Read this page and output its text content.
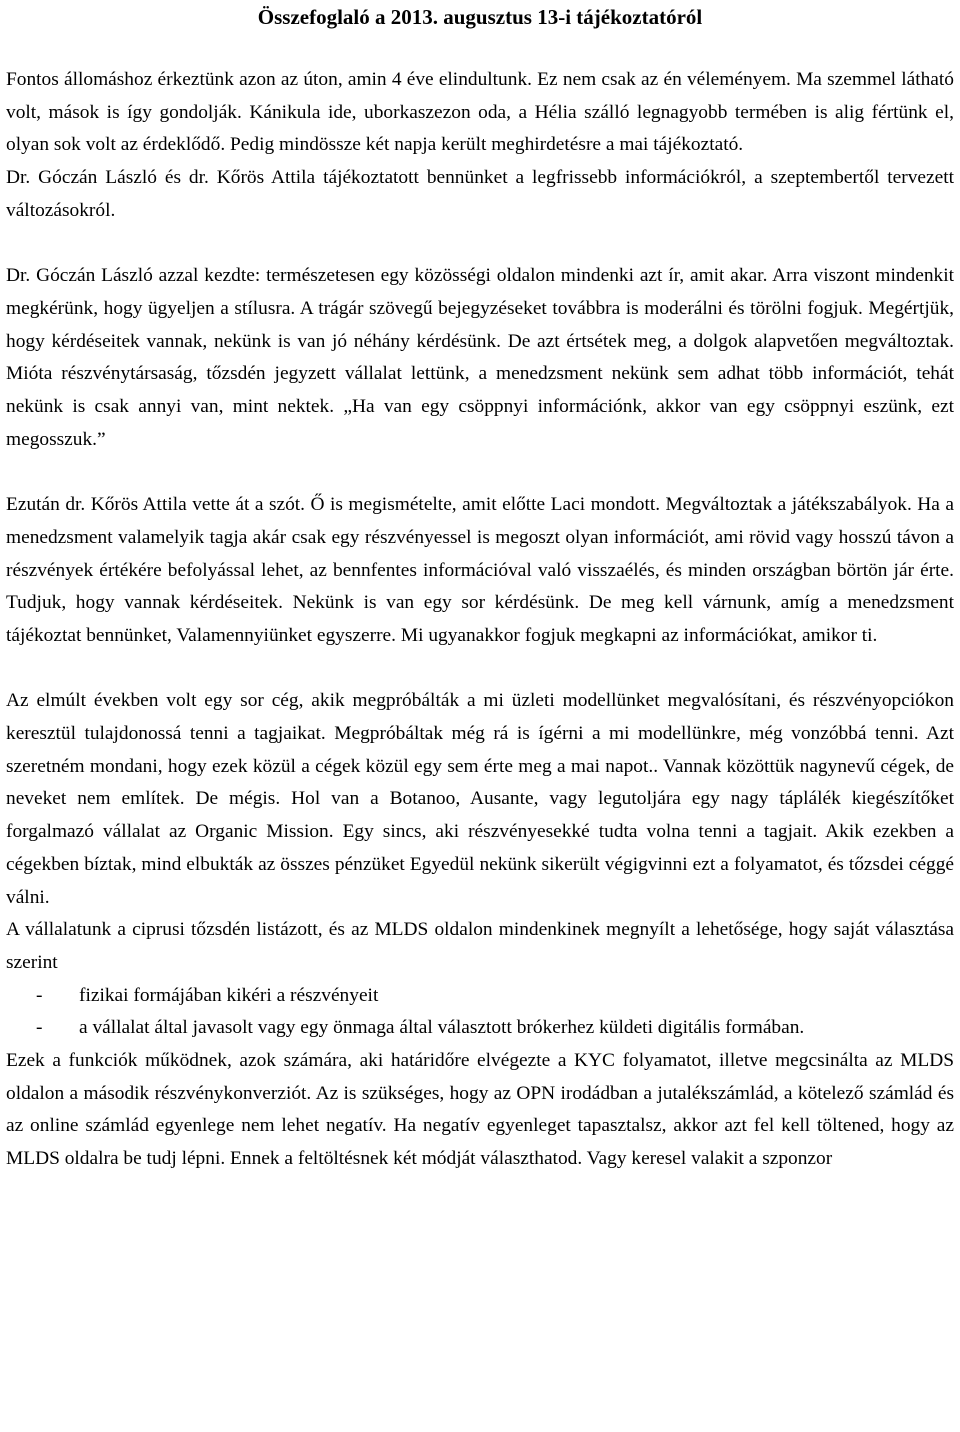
Összefoglaló a 2013. augusztus 13-i tájékoztatóról

Fontos állomáshoz érkeztünk azon az úton, amin 4 éve elindultunk. Ez nem csak az én véleményem. Ma szemmel látható volt, mások is így gondolják. Kánikula ide, uborkaszezon oda, a Hélia szálló legnagyobb termében is alig fértünk el, olyan sok volt az érdeklődő. Pedig mindössze két napja került meghirdetésre a mai tájékoztató.

Dr. Góczán László és dr. Kőrös Attila tájékoztatott bennünket a legfrissebb információkról, a szeptembertől tervezett változásokról.

Dr. Góczán László azzal kezdte: természetesen egy közösségi oldalon mindenki azt ír, amit akar. Arra viszont mindenkit megkérünk, hogy ügyeljen a stílusra. A trágár szövegű bejegyzéseket továbbra is moderálni és törölni fogjuk. Megértjük, hogy kérdéseitek vannak, nekünk is van jó néhány kérdésünk. De azt értsétek meg, a dolgok alapvetően megváltoztak. Mióta részvénytársaság, tőzsdén jegyzett vállalat lettünk, a menedzsment nekünk sem adhat több információt, tehát nekünk is csak annyi van, mint nektek. „Ha van egy csöppnyi információnk, akkor van egy csöppnyi eszünk, ezt megosszuk.”

Ezután dr. Kőrös Attila vette át a szót. Ő is megismételte, amit előtte Laci mondott. Megváltoztak a játékszabályok. Ha a menedzsment valamelyik tagja akár csak egy részvényessel is megoszt olyan információt, ami rövid vagy hosszú távon a részvények értékére befolyással lehet, az bennfentes információval való visszaélés, és minden országban börtön jár érte. Tudjuk, hogy vannak kérdéseitek. Nekünk is van egy sor kérdésünk. De meg kell várnunk, amíg a menedzsment tájékoztat bennünket, Valamennyiünket egyszerre. Mi ugyanakkor fogjuk megkapni az információkat, amikor ti.

Az elmúlt években volt egy sor cég, akik megpróbálták a mi üzleti modellünket megvalósítani, és részvényopciókon keresztül tulajdonossá tenni a tagjaikat. Megpróbáltak még rá is ígérni a mi modellünkre, még vonzóbbá tenni. Azt szeretném mondani, hogy ezek közül a cégek közül egy sem érte meg a mai napot.. Vannak közöttük nagynevű cégek, de neveket nem említek. De mégis. Hol van a Botanoo, Ausante, vagy legutoljára egy nagy táplálék kiegészítőket forgalmazó vállalat az Organic Mission. Egy sincs, aki részvényesekké tudta volna tenni a tagjait. Akik ezekben a cégekben bíztak, mind elbukták az összes pénzüket Egyedül nekünk sikerült végigvinni ezt a folyamatot, és tőzsdei céggé válni.

A vállalatunk a ciprusi tőzsdén listázott, és az MLDS oldalon mindenkinek megnyílt a lehetősége, hogy saját választása szerint

- fizikai formájában kikéri a részvényeit
- a vállalat által javasolt vagy egy önmaga által választott brókerhez küldeti digitális formában.

Ezek a funkciók működnek, azok számára, aki határidőre elvégezte a KYC folyamatot, illetve megcsinálta az MLDS oldalon a második részvénykonverziót. Az is szükséges, hogy az OPN irodádban a jutalékszámlád, a kötelező számlád és az online számlád egyenlege nem lehet negatív. Ha negatív egyenleget tapasztalsz, akkor azt fel kell töltened, hogy az MLDS oldalra be tudj lépni. Ennek a feltöltésnek két módját választhatod. Vagy keresel valakit a szponzor
